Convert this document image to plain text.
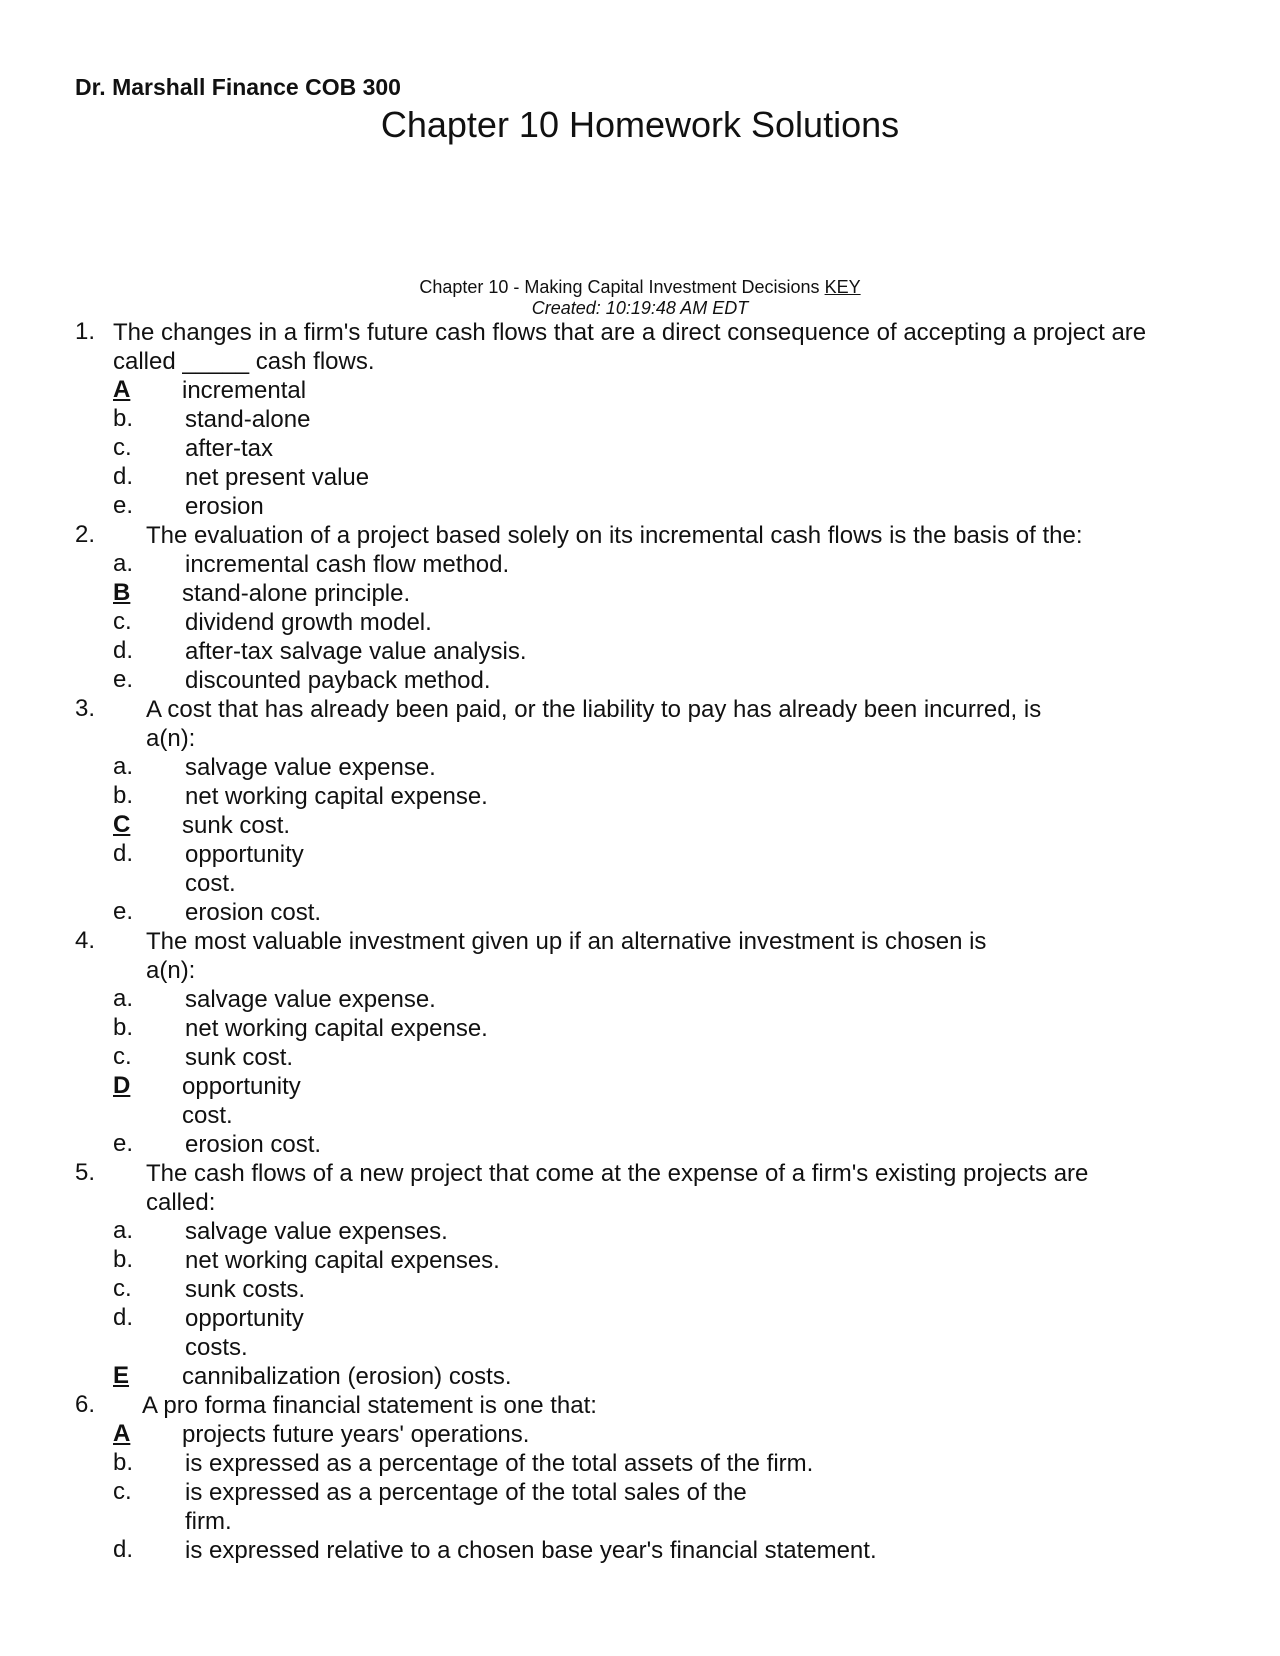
Dr. Marshall Finance COB 300
Chapter 10 Homework Solutions
Chapter 10 - Making Capital Investment Decisions KEY
Created: 10:19:48 AM EDT
1. The changes in a firm's future cash flows that are a direct consequence of accepting a project are
called _____ cash flows.
A	incremental
b. stand-alone
c.	after-tax
d. net present value
e. erosion
2. The evaluation of a project based solely on its incremental cash flows is the basis of the:
a. incremental cash flow method.
B	stand-alone principle.
c.	dividend growth model.
d. after-tax salvage value analysis.
e. discounted payback method.
3. A cost that has already been paid, or the liability to pay has already been incurred, is
a(n):
a. salvage value expense.
b. net working capital expense.
C	sunk cost.
d. opportunity
cost.
e. erosion cost.
4. The most valuable investment given up if an alternative investment is chosen is
a(n):
a. salvage value expense.
b. net working capital expense.
c.	sunk cost.
D	opportunity
cost.
e. erosion cost.
5. The cash flows of a new project that come at the expense of a firm's existing projects are
called:
a. salvage value expenses.
b. net working capital expenses.
c.	sunk costs.
d. opportunity
costs.
E	cannibalization (erosion) costs.
6. A pro forma financial statement is one that:
A	projects future years' operations.
b. is expressed as a percentage of the total assets of the firm.
c.	is expressed as a percentage of the total sales of the
firm.
d. is expressed relative to a chosen base year's financial statement.
